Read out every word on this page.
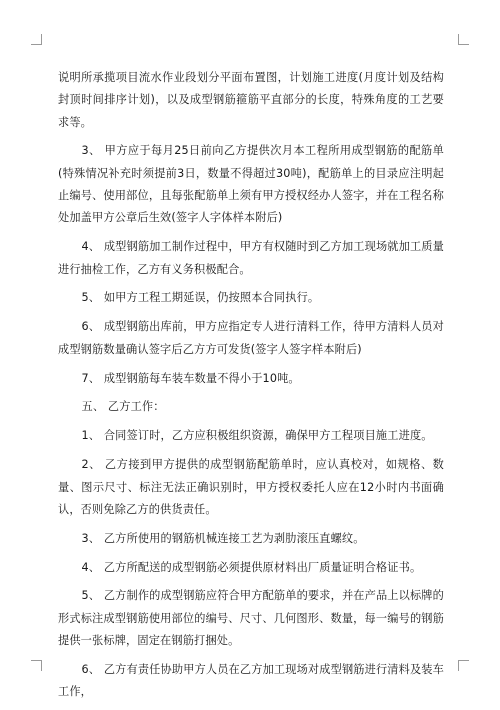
说明所承揽项目流水作业段划分平面布置图，计划施工进度(月度计划及结构封顶时间排序计划)，以及成型钢筋箍筋平直部分的长度，特殊角度的工艺要求等。

3、 甲方应于每月25日前向乙方提供次月本工程所用成型钢筋的配筋单(特殊情况补充时须提前3日，数量不得超过30吨)，配筋单上的目录应注明起止编号、使用部位，且每张配筋单上须有甲方授权经办人签字，并在工程名称处加盖甲方公章后生效(签字人字体样本附后)

4、 成型钢筋加工制作过程中，甲方有权随时到乙方加工现场就加工质量进行抽检工作，乙方有义务积极配合。

5、 如甲方工程工期延误，仍按照本合同执行。

6、 成型钢筋出库前，甲方应指定专人进行清料工作，待甲方清料人员对成型钢筋数量确认签字后乙方方可发货(签字人签字样本附后)

7、 成型钢筋每车装车数量不得小于10吨。

五、 乙方工作：

1、 合同签订时，乙方应积极组织资源，确保甲方工程项目施工进度。

2、 乙方接到甲方提供的成型钢筋配筋单时，应认真校对，如规格、数量、图示尺寸、标注无法正确识别时，甲方授权委托人应在12小时内书面确认，否则免除乙方的供货责任。

3、 乙方所使用的钢筋机械连接工艺为剥肋滚压直螺纹。

4、 乙方所配送的成型钢筋必须提供原材料出厂质量证明合格证书。

5、 乙方制作的成型钢筋应符合甲方配筋单的要求，并在产品上以标牌的形式标注成型钢筋使用部位的编号、尺寸、几何图形、数量，每一编号的钢筋提供一张标牌，固定在钢筋打捆处。

6、 乙方有责任协助甲方人员在乙方加工现场对成型钢筋进行清料及装车工作，
